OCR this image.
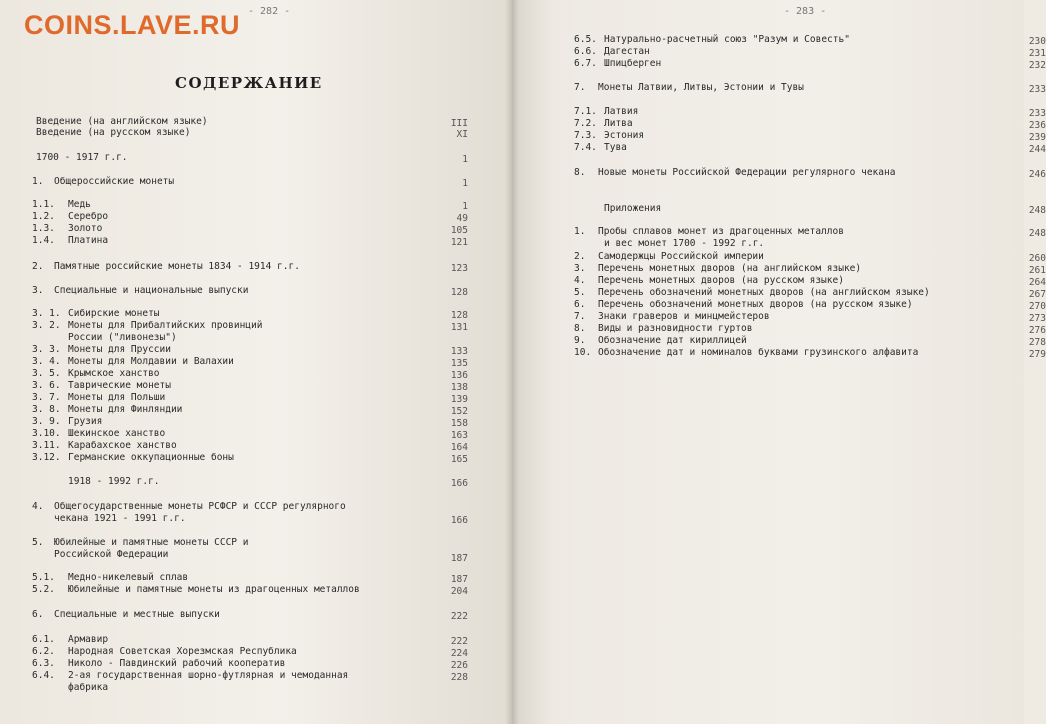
COINS.LAVE.RU - 282 -
СОДЕРЖАНИЕ
Введение (на английском языке)	III
Введение (на русском языке)	XI
1700 - 1917 г.г.	1
1. Общероссийские монеты	1
1.1. Медь	1
1.2. Серебро	49
1.3. Золото	105
1.4. Платина	121
2. Памятные российские монеты 1834 - 1914 г.г.	123
3. Специальные и национальные выпуски	128
3. 1. Сибирские монеты	128
3. 2. Монеты для Прибалтийских провинций	131
России ("ливонезы")
3. 3. Монеты для Пруссии	133
3. 4. Монеты для Молдавии и Валахии	135
3. 5. Крымское ханство	136
3. 6. Таврические монеты	138
3. 7. Монеты для Польши	139
3. 8. Монеты для Финляндии	152
3. 9. Грузия	158
3.10. Шекинское ханство	163
3.11. Карабахское ханство	164
3.12. Германские оккупационные боны	165
1918 - 1992 г.г.	166
4. Общегосударственные монеты РСФСР и СССР регулярного
чекана 1921 - 1991 г.г.	166
5. Юбилейные и памятные монеты СССР и
Российской Федерации	187
5.1. Медно-никелевый сплав	187
5.2. Юбилейные и памятные монеты из драгоценных металлов	204
6. Специальные и местные выпуски	222
6.1. Армавир	222
6.2. Народная Советская Хорезмская Республика	224
6.3. Николо - Павдинский рабочий кооператив	226
6.4. 2-ая государственная шорно-футлярная и чемоданная	228
фабрика
- 283 -
6.5. Натурально-расчетный союз "Разум и Совесть"	230
6.6. Дагестан	231
6.7. Шпицберген	232
7. Монеты Латвии, Литвы, Эстонии и Тувы	233
7.1. Латвия	233
7.2. Литва	236
7.3. Эстония	239
7.4. Тува	244
8. Новые монеты Российской Федерации регулярного чекана	246
Приложения	248
1. Пробы сплавов монет из драгоценных металлов	248
и вес монет 1700 - 1992 г.г.
2. Самодержцы Российской империи	260
3. Перечень монетных дворов (на английском языке)	261
4. Перечень монетных дворов (на русском языке)	264
5. Перечень обозначений монетных дворов (на английском языке)	267
6. Перечень обозначений монетных дворов (на русском языке)	270
7. Знаки граверов и минцмейстеров	273
8. Виды и разновидности гуртов	276
9. Обозначение дат кириллицей	278
10. Обозначение дат и номиналов буквами грузинского алфавита	279
